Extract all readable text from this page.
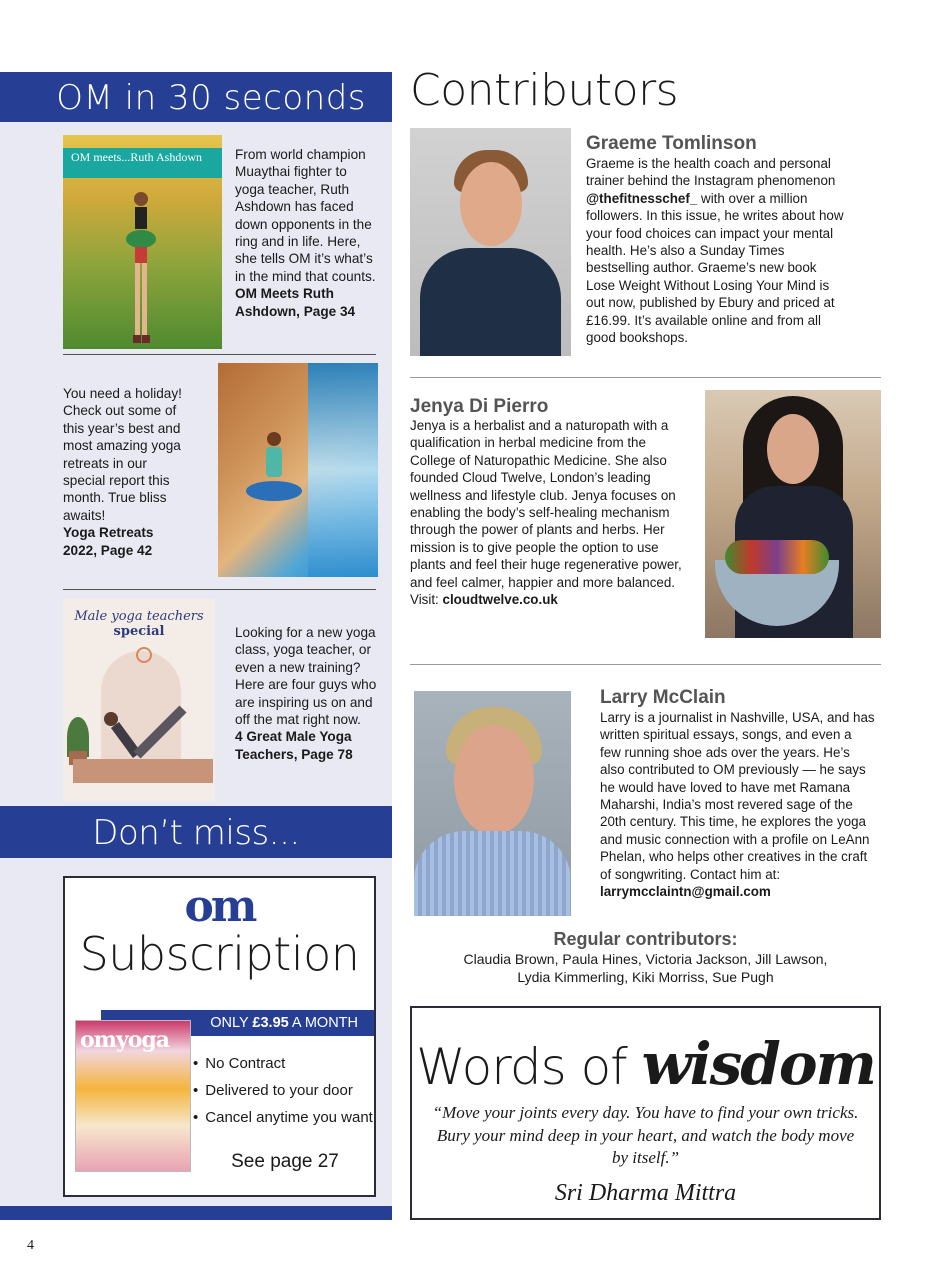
OM in 30 seconds
OM meets...Ruth Ashdown	From world champion Muaythai fighter to yoga teacher, Ruth Ashdown has faced down opponents in the ring and in life. Here, she tells OM it’s what’s in the mind that counts.
OM Meets Ruth Ashdown, Page 34
You need a holiday! Check out some of this year’s best and most amazing yoga retreats in our special report this month. True bliss awaits!
Yoga Retreats 2022, Page 42
Male yoga teachers
special	Looking for a new yoga class, yoga teacher, or even a new training? Here are four guys who are inspiring us on and off the mat right now.
4 Great Male Yoga Teachers, Page 78
Don’t miss...
om
Subscription
ONLY £3.95 A MONTH
omyoga
• No Contract
• Delivered to your door
• Cancel anytime you want
See page 27
Contributors
Graeme Tomlinson
Graeme is the health coach and personal trainer behind the Instagram phenomenon @thefitnesschef_ with over a million followers. In this issue, he writes about how your food choices can impact your mental health. He’s also a Sunday Times bestselling author. Graeme’s new book Lose Weight Without Losing Your Mind is out now, published by Ebury and priced at £16.99. It’s available online and from all good bookshops.
Jenya Di Pierro
Jenya is a herbalist and a naturopath with a qualification in herbal medicine from the College of Naturopathic Medicine. She also founded Cloud Twelve, London’s leading wellness and lifestyle club. Jenya focuses on enabling the body’s self-healing mechanism through the power of plants and herbs. Her mission is to give people the option to use plants and feel their huge regenerative power, and feel calmer, happier and more balanced. Visit: cloudtwelve.co.uk
Larry McClain
Larry is a journalist in Nashville, USA, and has written spiritual essays, songs, and even a few running shoe ads over the years. He’s also contributed to OM previously — he says he would have loved to have met Ramana Maharshi, India’s most revered sage of the 20th century. This time, he explores the yoga and music connection with a profile on LeAnn Phelan, who helps other creatives in the craft of songwriting. Contact him at: larrymcclaintn@gmail.com
Regular contributors:
Claudia Brown, Paula Hines, Victoria Jackson, Jill Lawson,
Lydia Kimmerling, Kiki Morriss, Sue Pugh
Words of wisdom
“Move your joints every day. You have to find your own tricks. Bury your mind deep in your heart, and watch the body move by itself.”
Sri Dharma Mittra
4
